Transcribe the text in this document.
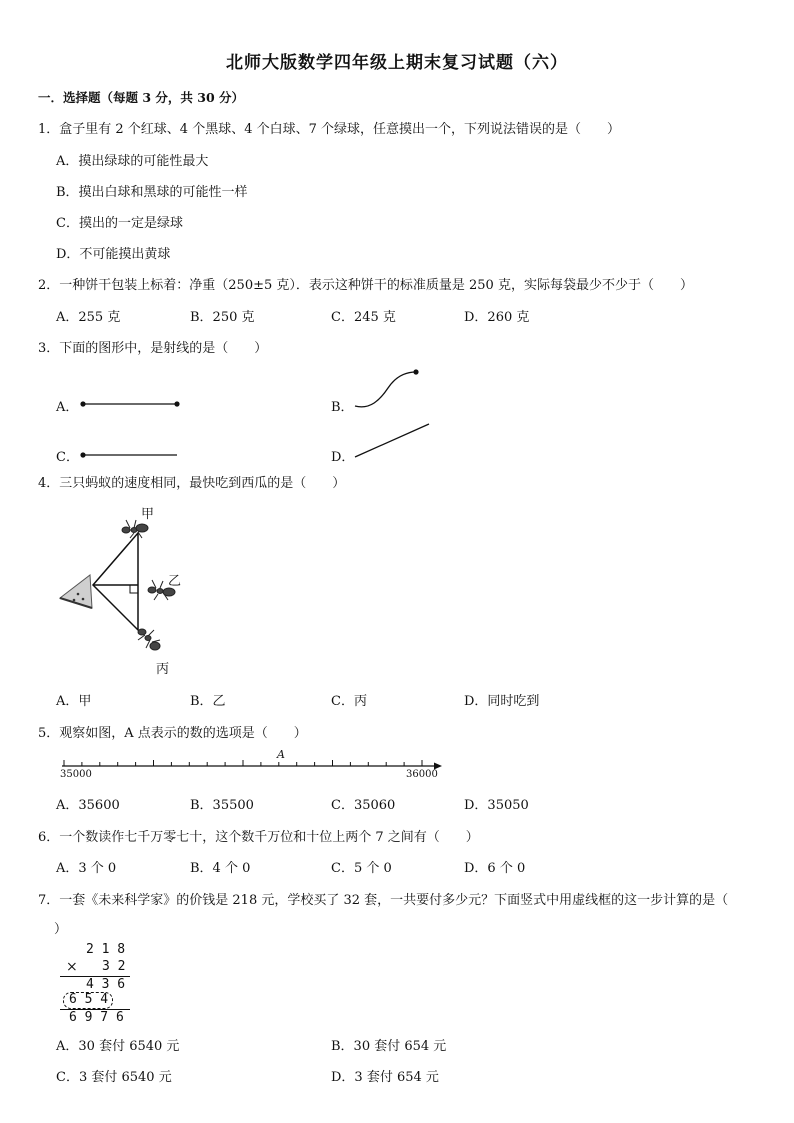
北师大版数学四年级上期末复习试题（六）
一．选择题（每题 3 分，共 30 分）
1．盒子里有 2 个红球、4 个黑球、4 个白球、7 个绿球，任意摸出一个，下列说法错误的是（　　）
A．摸出绿球的可能性最大
B．摸出白球和黑球的可能性一样
C．摸出的一定是绿球
D．不可能摸出黄球
2．一种饼干包装上标着：净重（250±5 克）．表示这种饼干的标准质量是 250 克，实际每袋最少不少于（　　）
A．255 克	B．250 克	C．245 克	D．260 克
3．下面的图形中，是射线的是（　　）
A．	B．
C．	D．
4．三只蚂蚁的速度相同，最快吃到西瓜的是（　　）
甲
乙
丙
A．甲	B．乙	C．丙	D．同时吃到
5．观察如图，A 点表示的数的选项是（　　）
A
35000	36000
A．35600	B．35500	C．35060	D．35050
6．一个数读作七千万零七十，这个数千万位和十位上两个 7 之间有（　　）
A．3 个 0	B．4 个 0	C．5 个 0	D．6 个 0
7．一套《未来科学家》的价钱是 218 元，学校买了 32 套，一共要付多少元？下面竖式中用虚线框的这一步计算的是（
）
2 1 8
× 3 2
4 3 6
6 5 4
6 9 7 6
A．30 套付 6540 元	B．30 套付 654 元
C．3 套付 6540 元	D．3 套付 654 元
